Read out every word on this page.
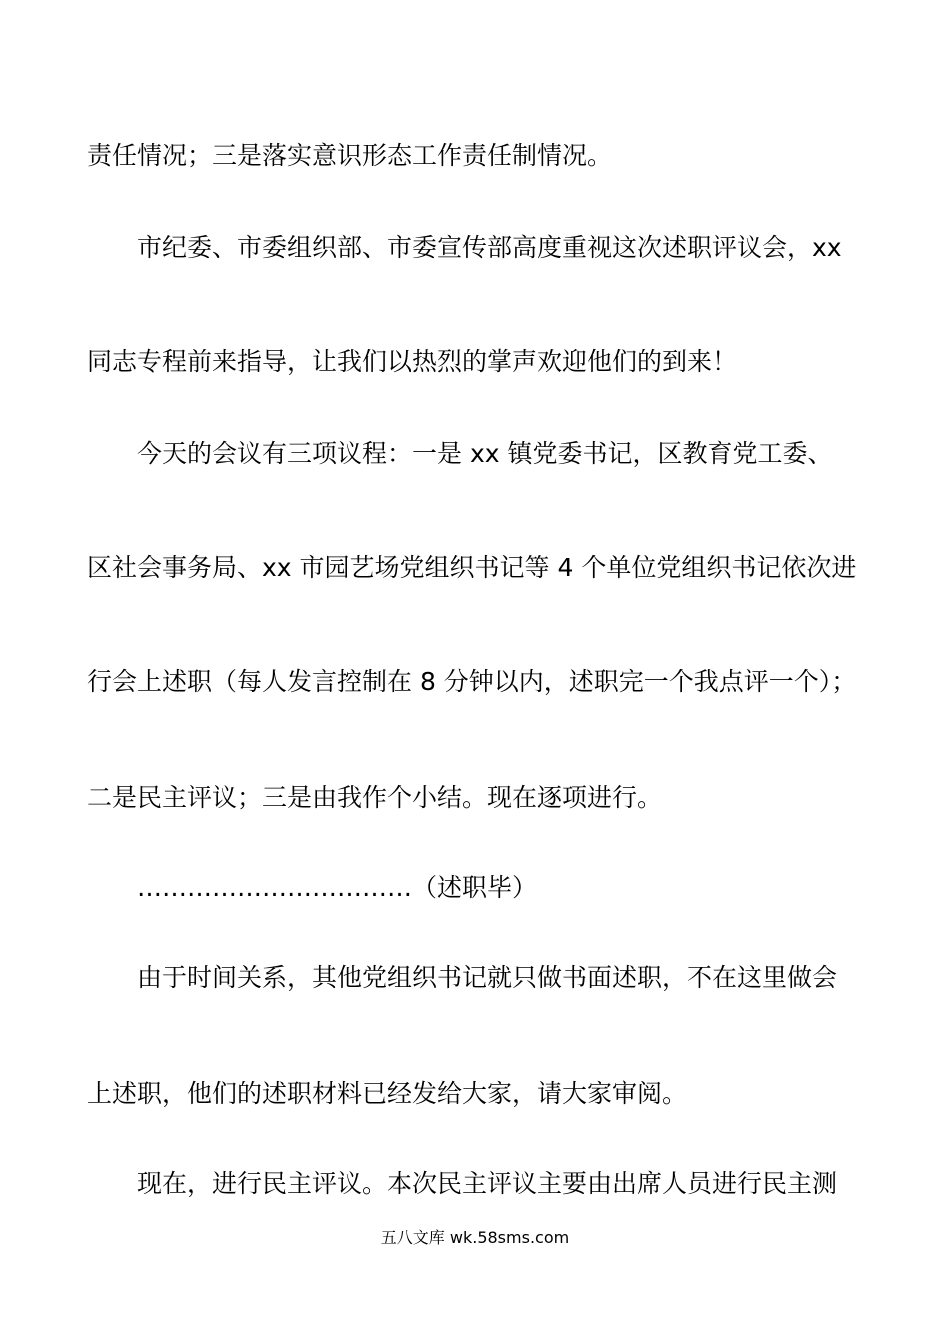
责任情况；三是落实意识形态工作责任制情况。
市纪委、市委组织部、市委宣传部高度重视这次述职评议会，xx
同志专程前来指导，让我们以热烈的掌声欢迎他们的到来！
今天的会议有三项议程：一是 xx 镇党委书记，区教育党工委、
区社会事务局、xx 市园艺场党组织书记等 4 个单位党组织书记依次进
行会上述职（每人发言控制在 8 分钟以内，述职完一个我点评一个）；
二是民主评议；三是由我作个小结。现在逐项进行。
……………………………（述职毕）
由于时间关系，其他党组织书记就只做书面述职，不在这里做会
上述职，他们的述职材料已经发给大家，请大家审阅。
现在，进行民主评议。本次民主评议主要由出席人员进行民主测
五八文库 wk.58sms.com
